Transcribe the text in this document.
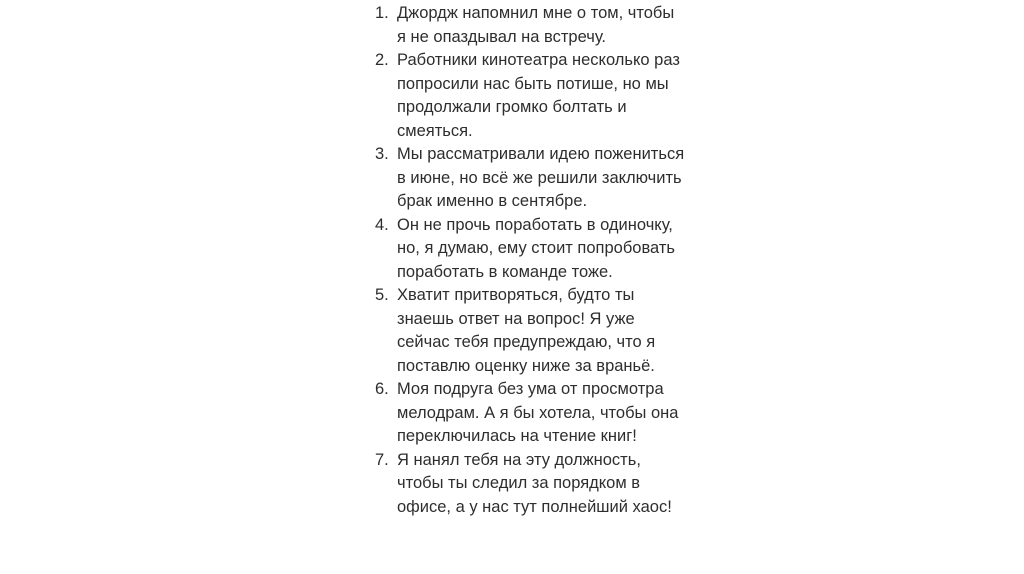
1. Джордж напомнил мне о том, чтобы
я не опаздывал на встречу.
2. Работники кинотеатра несколько раз
попросили нас быть потише, но мы
продолжали громко болтать и
смеяться.
3. Мы рассматривали идею пожениться
в июне, но всё же решили заключить
брак именно в сентябре.
4. Он не прочь поработать в одиночку,
но, я думаю, ему стоит попробовать
поработать в команде тоже.
5. Хватит притворяться, будто ты
знаешь ответ на вопрос! Я уже
сейчас тебя предупреждаю, что я
поставлю оценку ниже за враньё.
6. Моя подруга без ума от просмотра
мелодрам. А я бы хотела, чтобы она
переключилась на чтение книг!
7. Я нанял тебя на эту должность,
чтобы ты следил за порядком в
офисе, а у нас тут полнейший хаос!
